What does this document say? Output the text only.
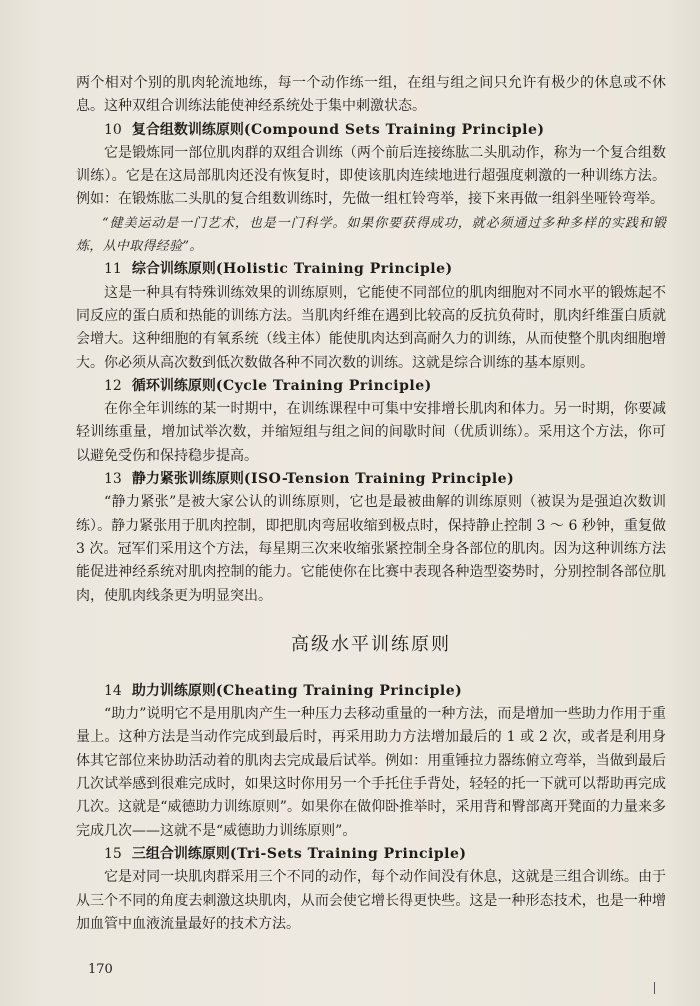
两个相对个别的肌肉轮流地练，每一个动作练一组，在组与组之间只允许有极少的休息或不休息。这种双组合训练法能使神经系统处于集中刺激状态。

10 复合组数训练原则(Compound Sets Training Principle)

它是锻炼同一部位肌肉群的双组合训练（两个前后连接练肱二头肌动作，称为一个复合组数训练）。它是在这局部肌肉还没有恢复时，即使该肌肉连续地进行超强度刺激的一种训练方法。例如：在锻炼肱二头肌的复合组数训练时，先做一组杠铃弯举，接下来再做一组斜坐哑铃弯举。

“健美运动是一门艺术，也是一门科学。如果你要获得成功，就必须通过多种多样的实践和锻炼，从中取得经验”。

11 综合训练原则(Holistic Training Principle)

这是一种具有特殊训练效果的训练原则，它能使不同部位的肌肉细胞对不同水平的锻炼起不同反应的蛋白质和热能的训练方法。当肌肉纤维在遇到比较高的反抗负荷时，肌肉纤维蛋白质就会增大。这种细胞的有氧系统（线主体）能使肌肉达到高耐久力的训练，从而使整个肌肉细胞增大。你必须从高次数到低次数做各种不同次数的训练。这就是综合训练的基本原则。

12 循环训练原则(Cycle Training Principle)

在你全年训练的某一时期中，在训练课程中可集中安排增长肌肉和体力。另一时期，你要减轻训练重量，增加试举次数，并缩短组与组之间的间歇时间（优质训练）。采用这个方法，你可以避免受伤和保持稳步提高。

13 静力紧张训练原则(ISO-Tension Training Principle)

“静力紧张”是被大家公认的训练原则，它也是最被曲解的训练原则（被误为是强迫次数训练）。静力紧张用于肌肉控制，即把肌肉弯屈收缩到极点时，保持静止控制 3 ～ 6 秒钟，重复做 3 次。冠军们采用这个方法，每星期三次来收缩张紧控制全身各部位的肌肉。因为这种训练方法能促进神经系统对肌肉控制的能力。它能使你在比赛中表现各种造型姿势时，分别控制各部位肌肉，使肌肉线条更为明显突出。

高级水平训练原则
14 助力训练原则(Cheating Training Principle)

“助力”说明它不是用肌肉产生一种压力去移动重量的一种方法，而是增加一些助力作用于重量上。这种方法是当动作完成到最后时，再采用助力方法增加最后的 1 或 2 次，或者是利用身体其它部位来协助活动着的肌肉去完成最后试举。例如：用重锤拉力器练俯立弯举，当做到最后几次试举感到很难完成时，如果这时你用另一个手托住手背处，轻轻的托一下就可以帮助再完成几次。这就是“威德助力训练原则”。如果你在做仰卧推举时，采用背和臀部离开凳面的力量来多完成几次——这就不是“威德助力训练原则”。

15 三组合训练原则(Tri-Sets Training Principle)

它是对同一块肌肉群采用三个不同的动作，每个动作间没有休息，这就是三组合训练。由于从三个不同的角度去刺激这块肌肉，从而会使它增长得更快些。这是一种形态技术，也是一种增加血管中血液流量最好的技术方法。

170
